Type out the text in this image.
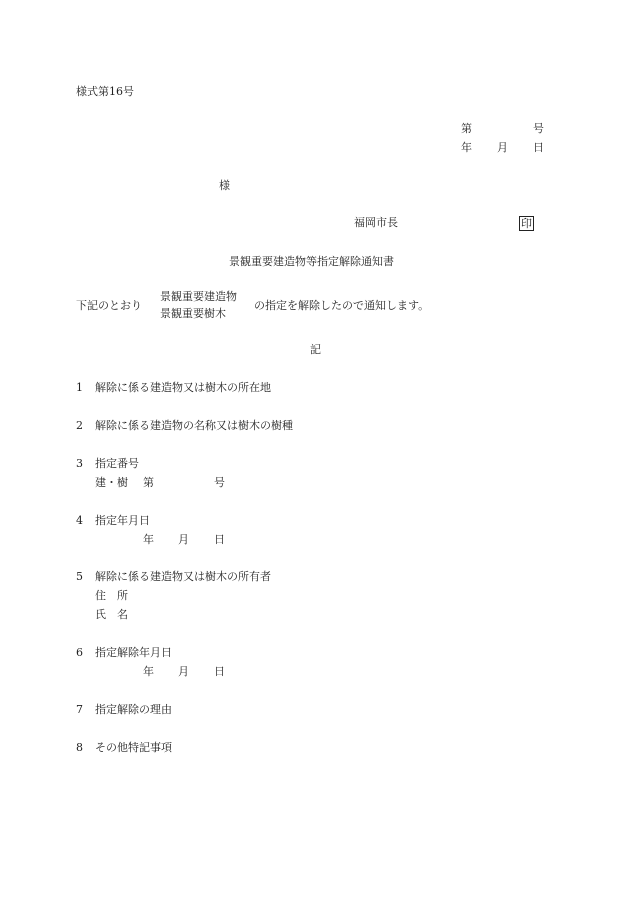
様式第16号
第	号
年 月 日
様
福岡市長	印
景観重要建造物等指定解除通知書
下記のとおり
景観重要建造物
景観重要樹木
の指定を解除したので通知します。
記
1 解除に係る建造物又は樹木の所在地
2 解除に係る建造物の名称又は樹木の樹種
3 指定番号
建・樹 第	号
4 指定年月日
年 月 日
5 解除に係る建造物又は樹木の所有者
住　所
氏　名
6 指定解除年月日
年 月 日
7 指定解除の理由
8 その他特記事項
